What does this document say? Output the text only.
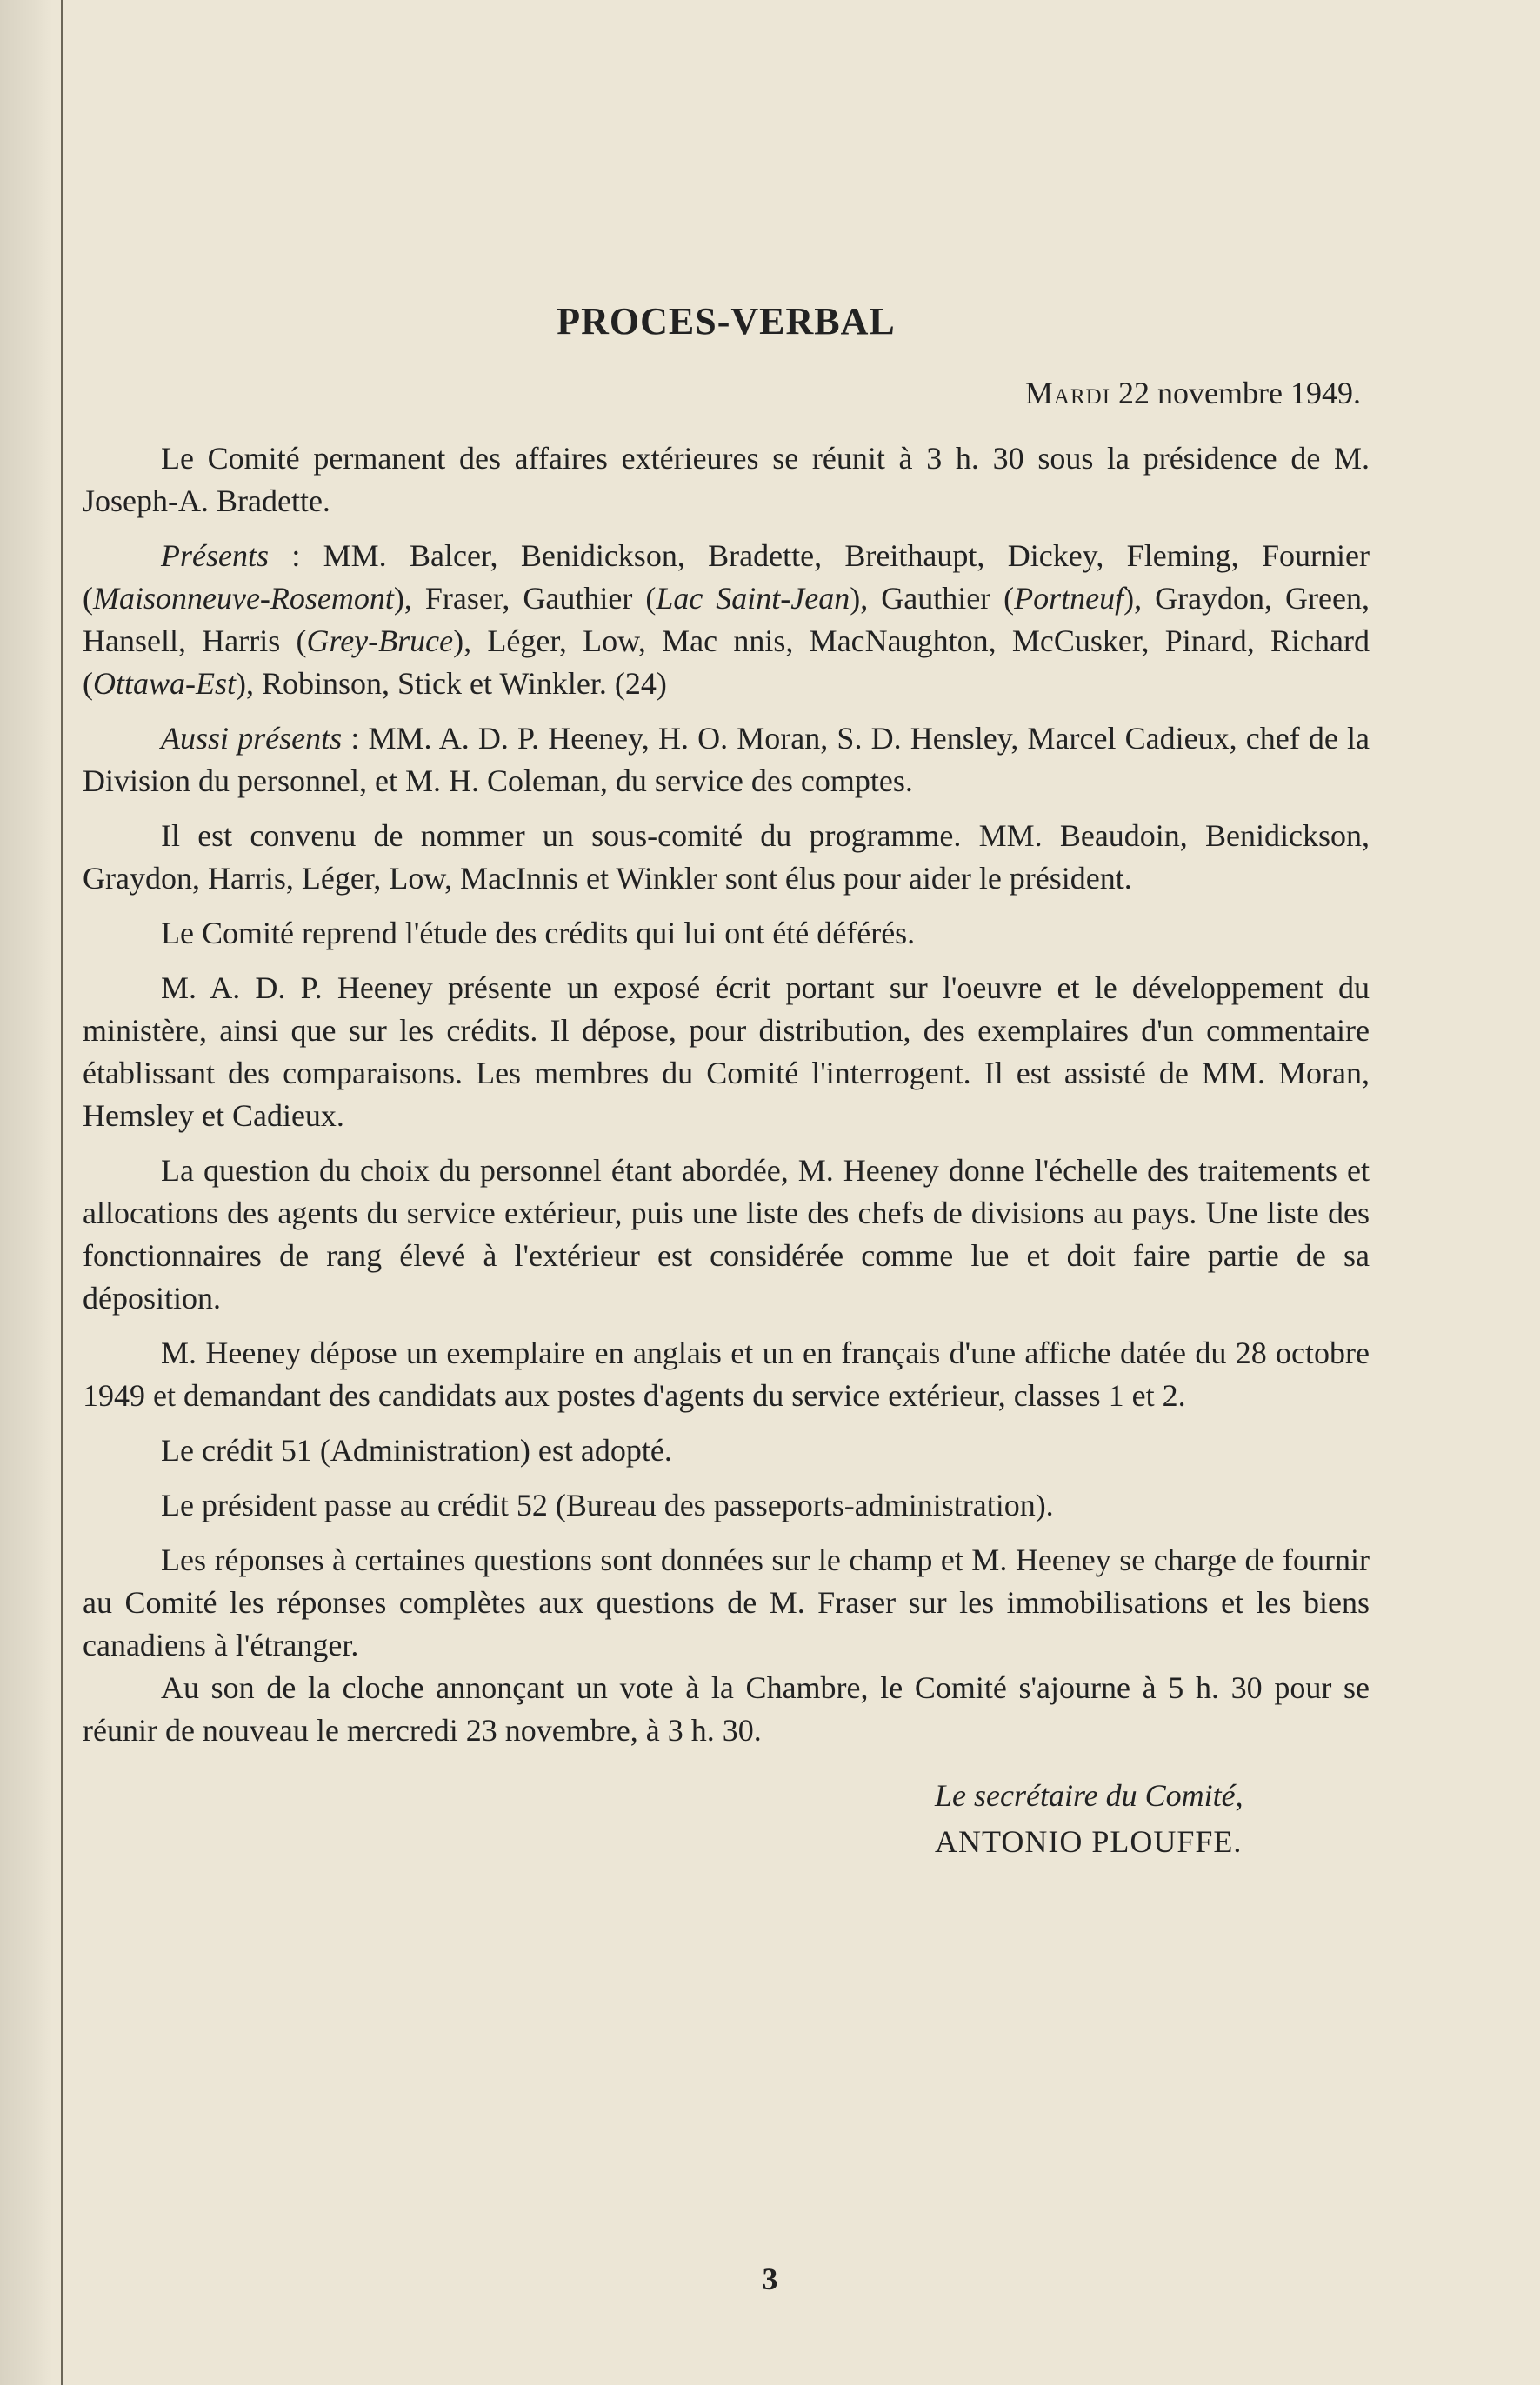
PROCES-VERBAL
Mardi 22 novembre 1949.

Le Comité permanent des affaires extérieures se réunit à 3 h. 30 sous la présidence de M. Joseph-A. Bradette.

Présents : MM. Balcer, Benidickson, Bradette, Breithaupt, Dickey, Fleming, Fournier (Maisonneuve-Rosemont), Fraser, Gauthier (Lac Saint-Jean), Gauthier (Portneuf), Graydon, Green, Hansell, Harris (Grey-Bruce), Léger, Low, Mac nnis, MacNaughton, McCusker, Pinard, Richard (Ottawa-Est), Robinson, Stick et Winkler. (24)

Aussi présents : MM. A. D. P. Heeney, H. O. Moran, S. D. Hensley, Marcel Cadieux, chef de la Division du personnel, et M. H. Coleman, du service des comptes.

Il est convenu de nommer un sous-comité du programme. MM. Beaudoin, Benidickson, Graydon, Harris, Léger, Low, MacInnis et Winkler sont élus pour aider le président.

Le Comité reprend l'étude des crédits qui lui ont été déférés.

M. A. D. P. Heeney présente un exposé écrit portant sur l'oeuvre et le développement du ministère, ainsi que sur les crédits. Il dépose, pour distribution, des exemplaires d'un commentaire établissant des comparaisons. Les membres du Comité l'interrogent. Il est assisté de MM. Moran, Hemsley et Cadieux.

La question du choix du personnel étant abordée, M. Heeney donne l'échelle des traitements et allocations des agents du service extérieur, puis une liste des chefs de divisions au pays. Une liste des fonctionnaires de rang élevé à l'extérieur est considérée comme lue et doit faire partie de sa déposition.

M. Heeney dépose un exemplaire en anglais et un en français d'une affiche datée du 28 octobre 1949 et demandant des candidats aux postes d'agents du service extérieur, classes 1 et 2.

Le crédit 51 (Administration) est adopté.

Le président passe au crédit 52 (Bureau des passeports-administration).

Les réponses à certaines questions sont données sur le champ et M. Heeney se charge de fournir au Comité les réponses complètes aux questions de M. Fraser sur les immobilisations et les biens canadiens à l'étranger.

Au son de la cloche annonçant un vote à la Chambre, le Comité s'ajourne à 5 h. 30 pour se réunir de nouveau le mercredi 23 novembre, à 3 h. 30.

Le secrétaire du Comité,
ANTONIO PLOUFFE.
3
